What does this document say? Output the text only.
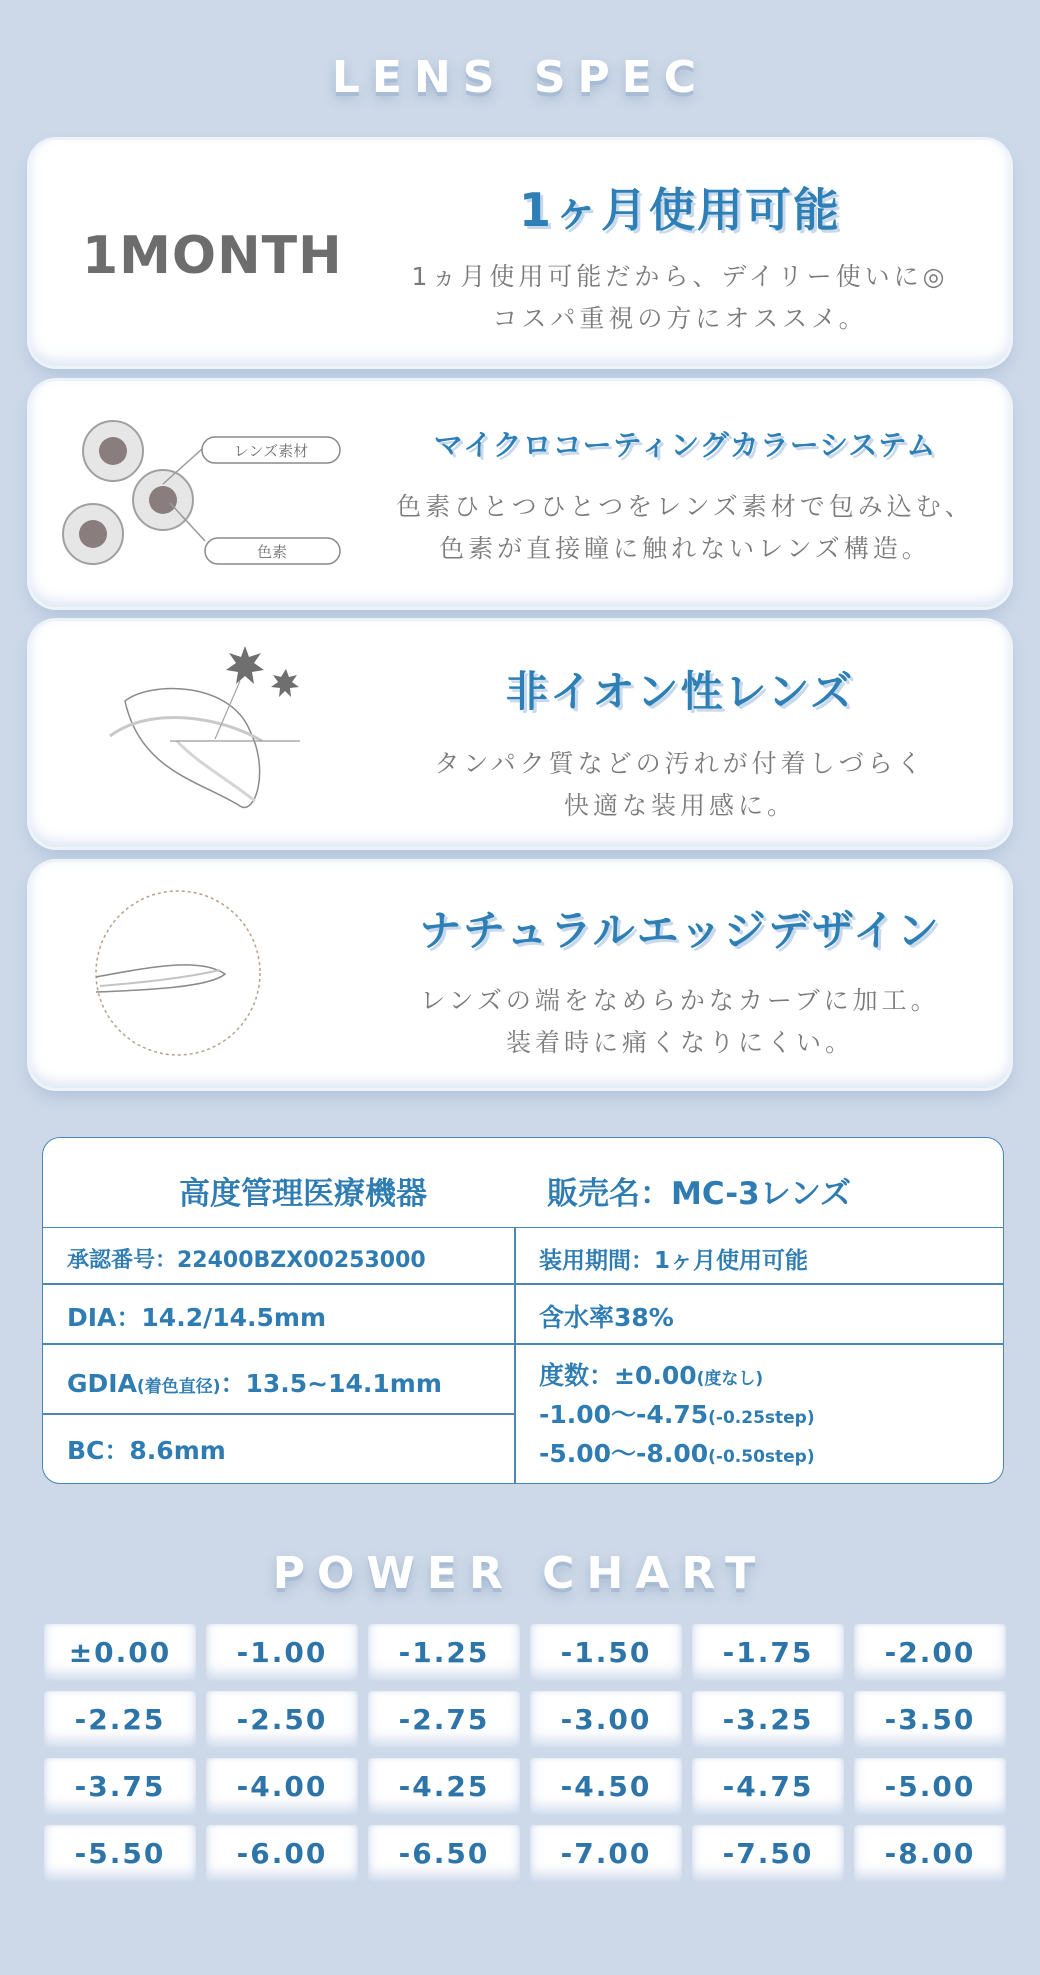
LENS SPEC
1MONTH
1ヶ月使用可能
1ヵ月使用可能だから、デイリー使いに◎
コスパ重視の方にオススメ。
レンズ素材
色素
マイクロコーティングカラーシステム
色素ひとつひとつをレンズ素材で包み込む、
色素が直接瞳に触れないレンズ構造。
非イオン性レンズ
タンパク質などの汚れが付着しづらく
快適な装用感に。
ナチュラルエッジデザイン
レンズの端をなめらかなカーブに加工。
装着時に痛くなりにくい。
高度管理医療機器	販売名：MC-3レンズ
承認番号：22400BZX00253000	装用期間：1ヶ月使用可能
DIA：14.2/14.5mm	含水率38%
GDIA(着色直径)：13.5~14.1mm
BC：8.6mm
度数：±0.00(度なし)
-1.00〜-4.75(-0.25step)
-5.00〜-8.00(-0.50step)
POWER CHART
±0.00	-1.00	-1.25	-1.50	-1.75	-2.00
-2.25	-2.50	-2.75	-3.00	-3.25	-3.50
-3.75	-4.00	-4.25	-4.50	-4.75	-5.00
-5.50	-6.00	-6.50	-7.00	-7.50	-8.00
